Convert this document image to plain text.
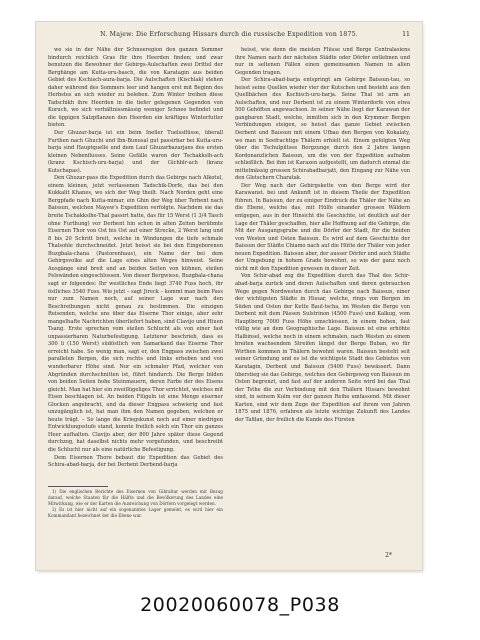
N. Majew: Die Erforschung Hissars durch die russische Expedition von 1875.	11

wo sie in der Nähe der Schneeregion den ganzen Sommer hindurch reichlich Gras für ihre Heerden finden; und zwar benutzen die Bewohner der Gebirgs-Aulschaften zwei Drittel der Berghänge am Kutta-uru-basch, die von Karatagin aus beiden Gebiet des Kschisch-aura-barja. Die Aulschaften (Kischlak) stehen daher während des Sommers leer und hangen erst mit Beginn des Herbstes an sich wieder zu beleben. Zum Winter treiben diese Tadschikh ihre Heerden in die tiefer gelegenen Gegenden von Kuruch, wo sich verhältnissmässig weniger Schnee befindet und die üppigen Salzpflanzen den Heerden ein kräftiges Winterfutter bieten.

Der Ghuzar-barja ist ein beim Ineller Tuelssflüsse, überall Furthen nach Ghuchi und Ibn-Bunusal gut passirbar bei Kutta-uru-barja sind Hauptquelle und dem Lauf Ghuzarbazarjans des ersten kleinen Nebenflusses. Seine Gefälle waren der Tschakkslh-ach (kranz Kschisch-uru-barja) und der Gichblr-ach (kranz Kutschapas).

Den Ghuzar-pass die Expedition durch das Gebirge nach Alkotul, einem kleinen, jetzt verlassenen Tadschik-Dorfe, das bei den Kukkalit Khanes, wo sich der Weg theilt. Nach Norden geht eine Bergpfade nach Kutta-mimar, ein Ghin der Weg über Terbent nach Baissun, welchen Mayew's Expedition verfolgte. Nachdem sie das breite Tschakkslhe-Thal passirt hatte, das für 15 Werst (1 3/4 Tasch ohne Furthung) vor Derbent hin schon in alten Zeiten berühmte Eisernen Thor von Ost bis Ost auf einer Strecke, 2 Werst lang und 8 bis 20 Schritt breit, welche in Windungen die tiefe schmale Thalsohle durchschneidet. Jetzt heisst sie bei den Eingeborenen Buzgbala-chana (Pastorenhaus), ein Name der bei dem Gebirgsvolke auf die Lage eines alten Weges hinweist. Seine Ausgänge sind breit und an beiden Seiten von kühnen, steilen Felswänden eingeschlossen. Von dieser Bergwiese, Buzgbala-chana sagt er folgendes: Ihr westliches Ende liegt 3740 Fuss hoch, ihr östliches 3540 Fuss. Wie jetzt – sagt Jireck – kommt man beim Pass nur zum Namen noch, auf seiner Lage war nach den Beschreibungen nicht genau zu bestimmen. Die einzigen Reisenden, welche uns über das Eiserne Thor einige, aber sehr mangelhafte Nachrichten überliefert haben, sind Clavijo und Hiuen Tsang. Erste sprechen vom steilen Schlucht als von einer fast unpassierbaren Naturbefestigung. Letzterer beschrieb, dass es 300 li (150 Werst) südöstlich von Samarkand das Eiserne Thor erreicht habe. So wenig man, sagt er, den Engpass zwischen zwei parallelen Bergen, die sich rechts und links erheben und von wunderbarer Höhe sind. Nur ein schmaler Pfad, welcher von Abgründen durchschnitten ist, führt hindurch. Die Berge bilden von beiden Seiten hohe Steinmauern, deren Farbe der des Eisens gleicht. Man hat hier ein zweiflügeliges Thor errichtet, welches mit Eisen beschlagen ist. An beiden Flügeln ist eine Menge eiserner Glocken angebracht, und da dieser Engpass schwierig und fast unzugänglich ist, hat man ihm den Namen gegeben, welchen er heute trägt. – So lange die Kriegskunst noch auf einer niedrigen Entwicklungsstufe stand, konnte freilich solch ein Thor ein ganzes Heer aufhalten. Clavijo aber, der 800 Jahre später diese Gegend durchzog, hat daselbst nichts mehr vorgefunden, und beschreibt die Schlucht nur als eine natürliche Befestigung.

Dem Eisernen Thore bebaut die Expedition das Gebiet des Schira-abad-barja, der bei Derbent Derbend-barja

1) Die englischen Berichte des Eisernen von Gibraltar werden mit Bezug darauf, welche Staaten für die Hälfte und die Bevölkerung des Landes eine Mitwirkung, wie er der Karten die Ausreichung von Dörfern vorgelegt werden.

2) Es ist hier nicht auf ein sogenanntes Lager gemeint, es wird hier ein Kommandant bezeichnet der die Ebene war.

heisst, wie denn die meisten Flüsse und Berge Centralasiens ihre Namen nach der nächsten Städte oder Dörfer entlehnen und nur in seltenen Fällen einen gemeinsamen Namen in allen Gegenden tragen.

Der Schira-abad-barja entspringt am Gebirge Baissun-tau, so heisst seine Quellen wieder vier der Kutschen und besteht aus den Quellbächen des Kschisch-uru-barja. Seine Thal ist arm an Aulschaften, und nur Derbent ist zu einem Winterdorfe von etwa 500 Gehöften angewachsen. In seiner Nähe liegt der Karawan der gangbaren Stadt, welche, inmitten sich in den Krymmer Bergen Verbindungen steigen, so heisst das ganze Gebiet zwischen Derbent und Baissun mit einem Ufbau den Bergen von Kokaiaty, wo man in Seefrachtige Thälern erhielt ist. Einem gefolgten Weg über die Tschulpiltsee Bergzunge durch den 2 Jahre langen Kordonanzlichen Baissun, um die von der Expedition aufnahm schließlich. Bei ihm ist Karazen aufgestellt, um dadurch einmal die mittelmässig grossen Schirabadbarjatt, den Eingang zur Nähe von den Gletschern Charatak.

Der Weg nach der Gebirgskette von den Berge wird der Karawanst. bei und Ankunft ist in diesem Theile der Expedition führen. In Baissun, der zu einiger Eindruck die Thäler der Nähe an die Ebene, welche das, mit Hülfe einander grossen Wäldern entgegen, aus in der Hinsicht die Geschichte, ist deutlich auf der Lage der Thäler geschaffen, hier alle Hoffnung auf die Gebirge, die Mit der Ausgangsgrube und die Dörfer der Stadt, für die beiden von Westen und Osten Baissun. Es wird auf dem Geschichte der Baissun der Städte Chiamo nach auf die Hütte der Thäler von jeder neuen Expedition. Baissun aber, der ausser Dörfer und auch Städte der Umgebung in hohem Grade bewohnt, so wie der ganz noch nicht mit den Expedition gewesen in dieser Zeit.

Von Schir-abad zog die Expedition durch das Thal des Schir-abad-barja zurück und deren Aulschaften und deren gebrauchen Wege gegen Nordwesten durch das Gebirge nach Baissun, einer der wichtigsten Städte in Hissar, welche, rings von Bergen im Süden und Osten der Kette Baul-tscha, im Westen die Berge von Derbent mit dem Pässen Sulstrinon (4500 Fuss) und Kalkug, vom Hauptberg 7000 Fuss Höhe umschlossen, in einem hohen, fast völlig wie an dem Geographische Lage. Baissun ist eine erhöhte Halbinsel, welche noch in einem schmalen, nach Westen zu einem breiten wachsendem Streifen längst der Berge Buban, wo für Wirthen kommen in Thälern bewohnt waren. Baissun besteht seit seiner Gründung und es ist die wichtigste Stadt des Gebietes von Karatagin, Derbent und Baissun (5400 Fuss) bewässert. Dann überstieg sie das Gebirge, welches den Gebirgsweg von Baissun im Osten begrenzt, und fast auf der anderen Seite wird bei das Thal der Tsthe die zur Verbindung mit den Thälern Hissars bewohnt sind, in seinem Kulm vor der ganzen Reihe umfassend. Mit dieser Karten, sind wir dem Zuge der Expedition auf ihrem von Jahren 1875 und 1876, erfahren als letzte wichtige Zukunft des Landes der Tafilan, der freilich die Kunde des Fürsten

2*
20020060078_P038
